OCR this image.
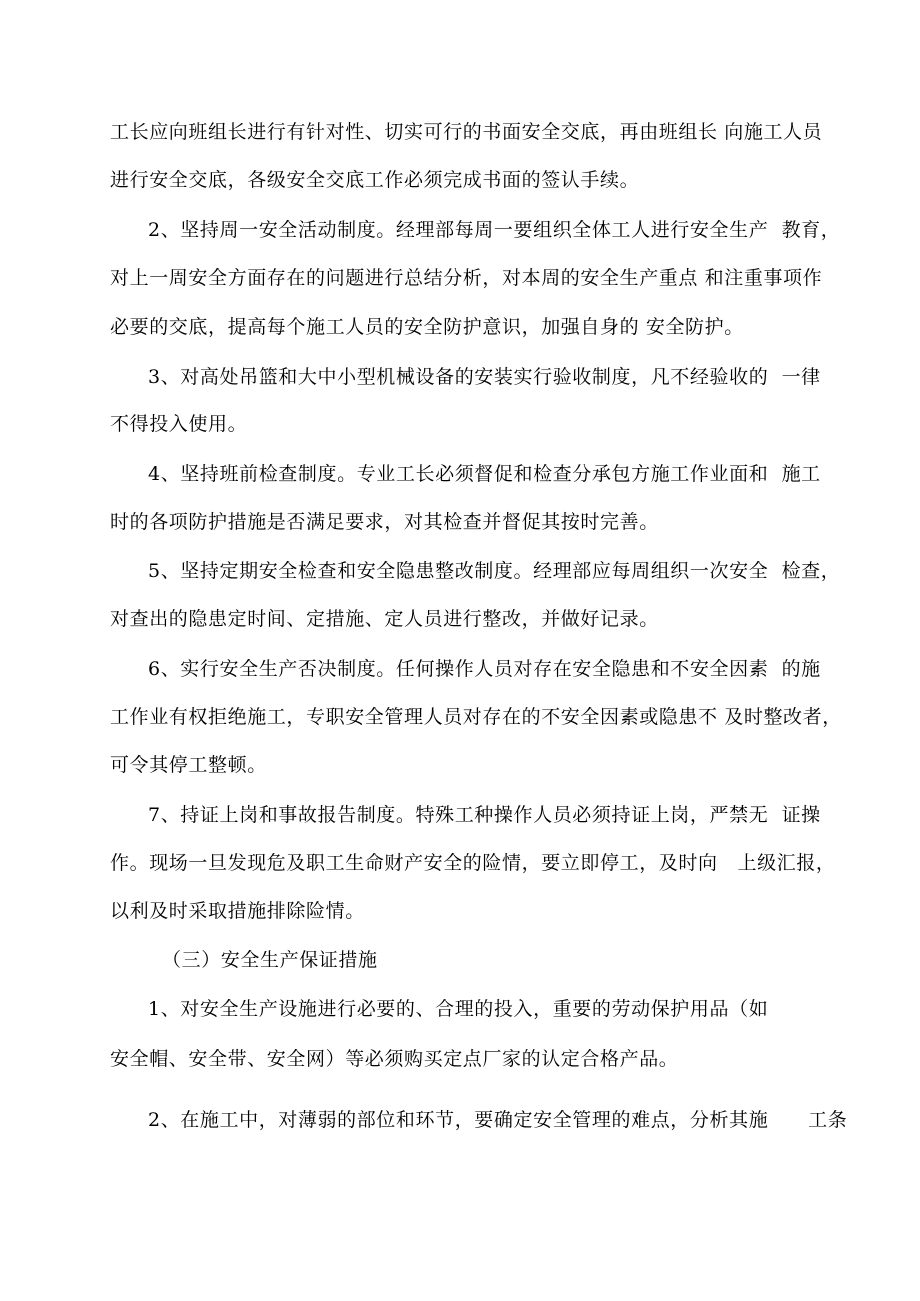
工长应向班组长进行有针对性、切实可行的书面安全交底，再由班组长 向施工人员
进行安全交底，各级安全交底工作必须完成书面的签认手续。
2、坚持周一安全活动制度。经理部每周一要组织全体工人进行安全生产  教育，
对上一周安全方面存在的问题进行总结分析，对本周的安全生产重点 和注重事项作
必要的交底，提高每个施工人员的安全防护意识，加强自身的 安全防护。
3、对高处吊篮和大中小型机械设备的安装实行验收制度，凡不经验收的  一律
不得投入使用。
4、坚持班前检查制度。专业工长必须督促和检查分承包方施工作业面和  施工
时的各项防护措施是否满足要求，对其检查并督促其按时完善。
5、坚持定期安全检查和安全隐患整改制度。经理部应每周组织一次安全  检查，
对查出的隐患定时间、定措施、定人员进行整改，并做好记录。
6、实行安全生产否决制度。任何操作人员对存在安全隐患和不安全因素  的施
工作业有权拒绝施工，专职安全管理人员对存在的不安全因素或隐患不 及时整改者，
可令其停工整顿。
7、持证上岗和事故报告制度。特殊工种操作人员必须持证上岗，严禁无  证操
作。现场一旦发现危及职工生命财产安全的险情，要立即停工，及时向   上级汇报，
以利及时采取措施排除险情。
（三）安全生产保证措施
1、对安全生产设施进行必要的、合理的投入，重要的劳动保护用品（如
安全帽、安全带、安全网）等必须购买定点厂家的认定合格产品。
2、在施工中，对薄弱的部位和环节，要确定安全管理的难点，分析其施      工条
